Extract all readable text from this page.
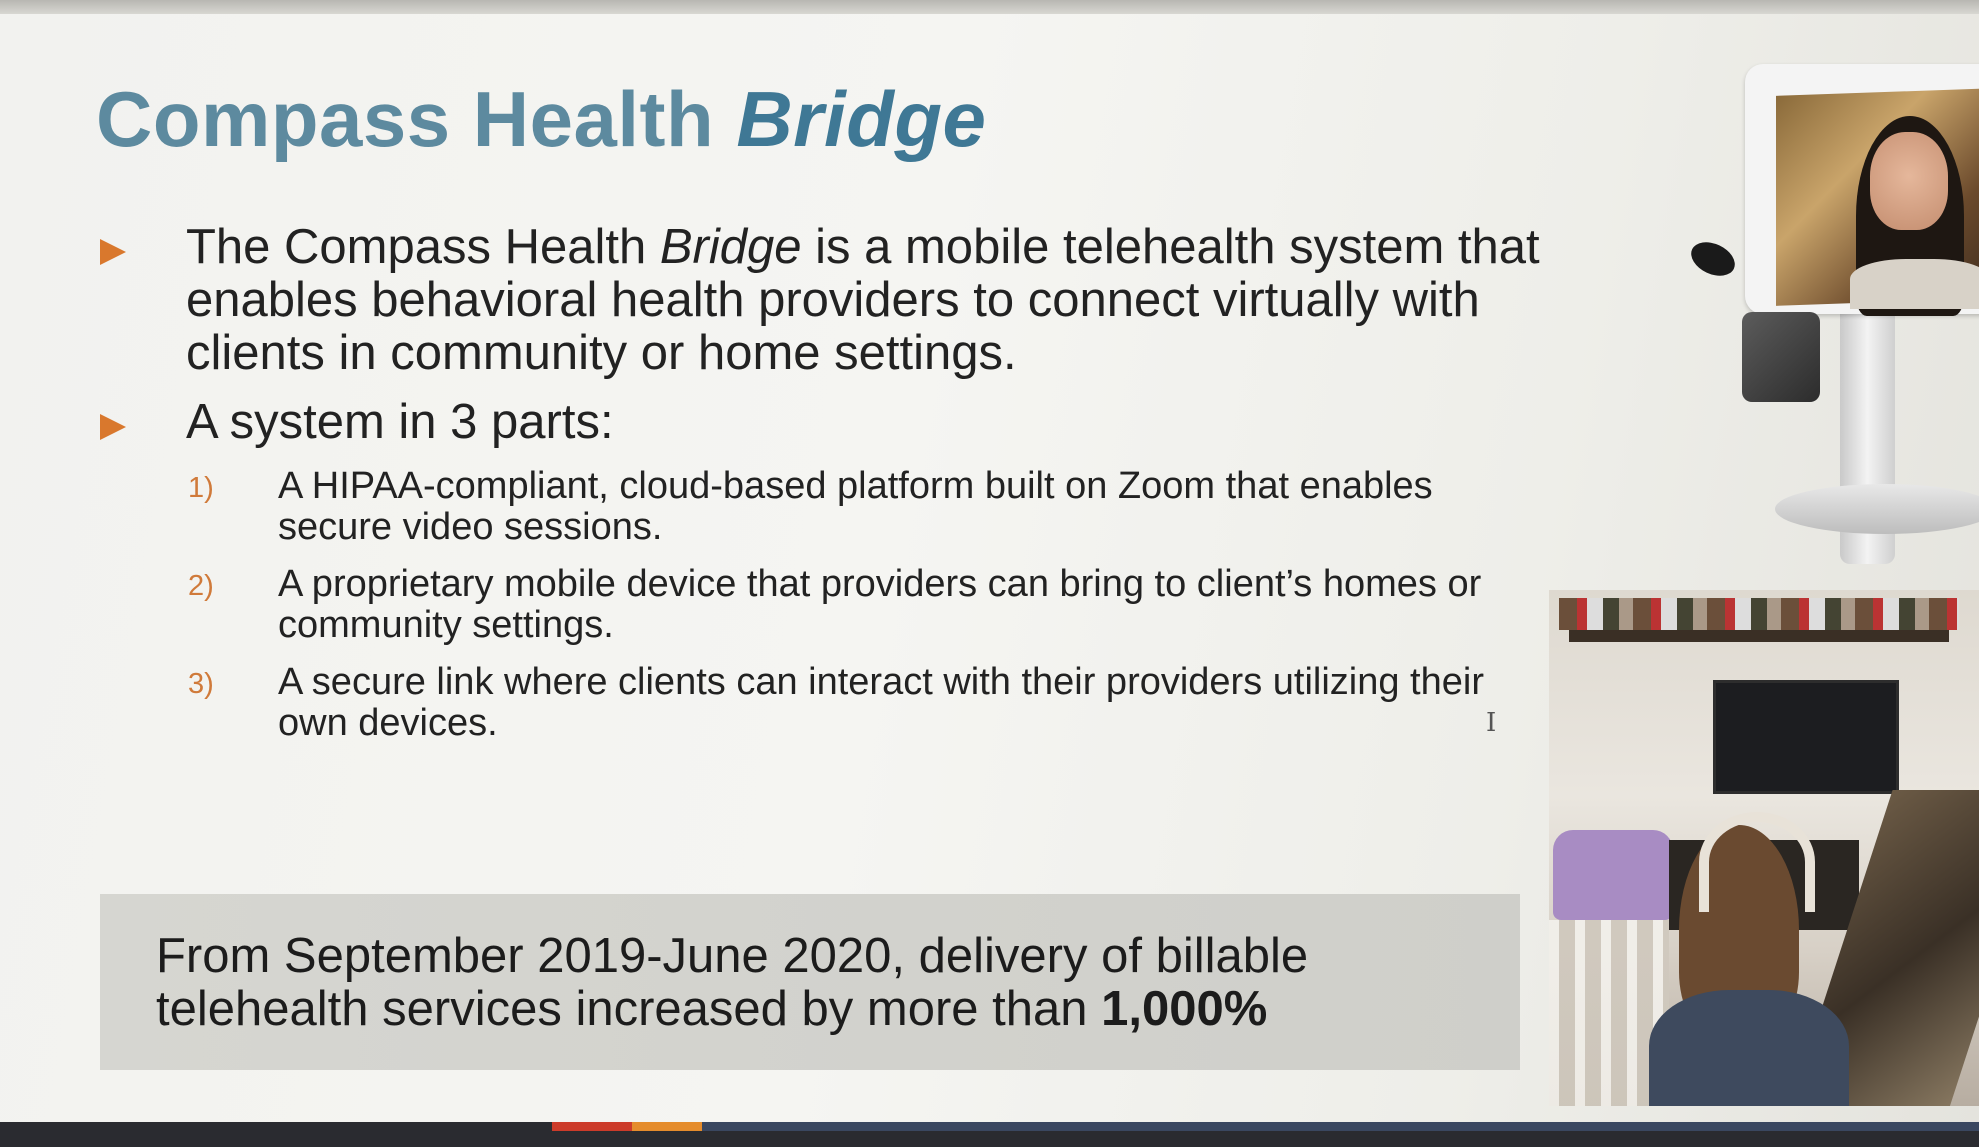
Compass Health Bridge

The Compass Health Bridge is a mobile telehealth system that enables behavioral health providers to connect virtually with clients in community or home settings.

A system in 3 parts:

1) A HIPAA-compliant, cloud-based platform built on Zoom that enables secure video sessions.

2) A proprietary mobile device that providers can bring to client’s homes or community settings.

3) A secure link where clients can interact with their providers utilizing their own devices.

From September 2019-June 2020, delivery of billable telehealth services increased by more than 1,000%

I
